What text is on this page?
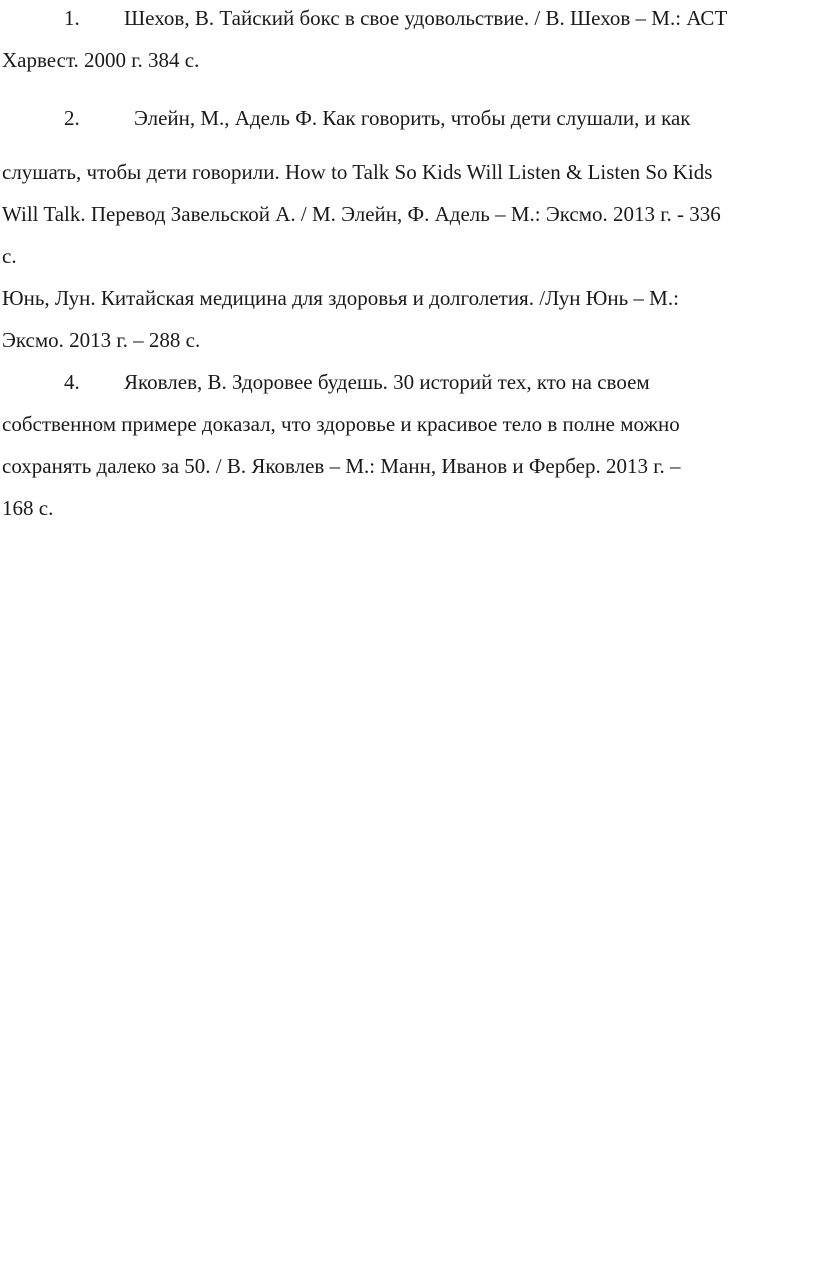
1. Шехов, В. Тайский бокс в свое удовольствие. / В. Шехов – М.: АСТ
Харвест. 2000 г. 384 с.
2.	Элейн, М., Адель Ф. Как говорить, чтобы дети слушали, и как
слушать, чтобы дети говорили. How to Talk So Kids Will Listen & Listen So Kids
Will Talk. Перевод Завельской А. / М. Элейн, Ф. Адель – М.: Эксмо. 2013 г. - 336
с.
Юнь, Лун. Китайская медицина для здоровья и долголетия. /Лун Юнь – М.:
Эксмо. 2013 г. – 288 с.
4. Яковлев, В. Здоровее будешь. 30 историй тех, кто на своем
собственном примере доказал, что здоровье и красивое тело в полне можно
сохранять далеко за 50. / В. Яковлев – М.: Манн, Иванов и Фербер. 2013 г. –
168 с.
